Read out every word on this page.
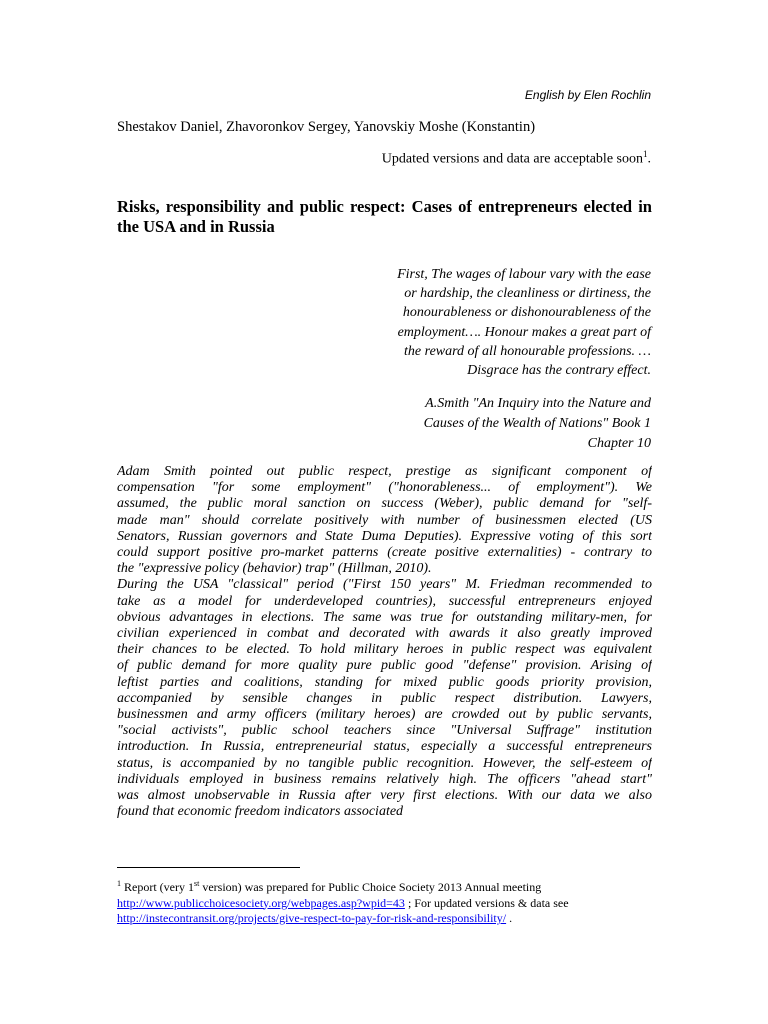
English by Elen Rochlin
Shestakov Daniel, Zhavoronkov Sergey, Yanovskiy Moshe (Konstantin)
Updated versions and data are acceptable soon$^1$.
Risks, responsibility and public respect: Cases of entrepreneurs elected in the USA and in Russia
First, The wages of labour vary with the ease
or hardship, the cleanliness or dirtiness, the
honourableness or dishonourableness of the
employment…. Honour makes a great part of
the reward of all honourable professions. …
Disgrace has the contrary effect.
A.Smith "An Inquiry into the Nature and
Causes of the Wealth of Nations" Book 1
Chapter 10
Adam Smith pointed out public respect, prestige as significant component of
compensation "for some employment" ("honorableness... of employment"). We
assumed, the public moral sanction on success (Weber), public demand for "self-
made man" should correlate positively with number of businessmen elected (US
Senators, Russian governors and State Duma Deputies). Expressive voting of this sort
could support positive pro-market patterns (create positive externalities) - contrary to
the "expressive policy (behavior) trap" (Hillman, 2010).
During the USA "classical" period ("First 150 years" M. Friedman recommended to
take as a model for underdeveloped countries), successful entrepreneurs enjoyed
obvious advantages in elections. The same was true for outstanding military-men, for
civilian experienced in combat and decorated with awards it also greatly improved
their chances to be elected. To hold military heroes in public respect was equivalent
of public demand for more quality pure public good "defense" provision. Arising of
leftist parties and coalitions, standing for mixed public goods priority provision,
accompanied by sensible changes in public respect distribution. Lawyers,
businessmen and army officers (military heroes) are crowded out by public servants,
"social activists", public school teachers since "Universal Suffrage" institution
introduction. In Russia, entrepreneurial status, especially a successful entrepreneurs
status, is accompanied by no tangible public recognition. However, the self-esteem of
individuals employed in business remains relatively high. The officers "ahead start"
was almost unobservable in Russia after very first elections. With our data we also
found that economic freedom indicators associated
$^1$ Report (very 1st version) was prepared for Public Choice Society 2013 Annual meeting
http://www.publicchoicesociety.org/webpages.asp?wpid=43 ; For updated versions & data see
http://instecontransit.org/projects/give-respect-to-pay-for-risk-and-responsibility/ .
